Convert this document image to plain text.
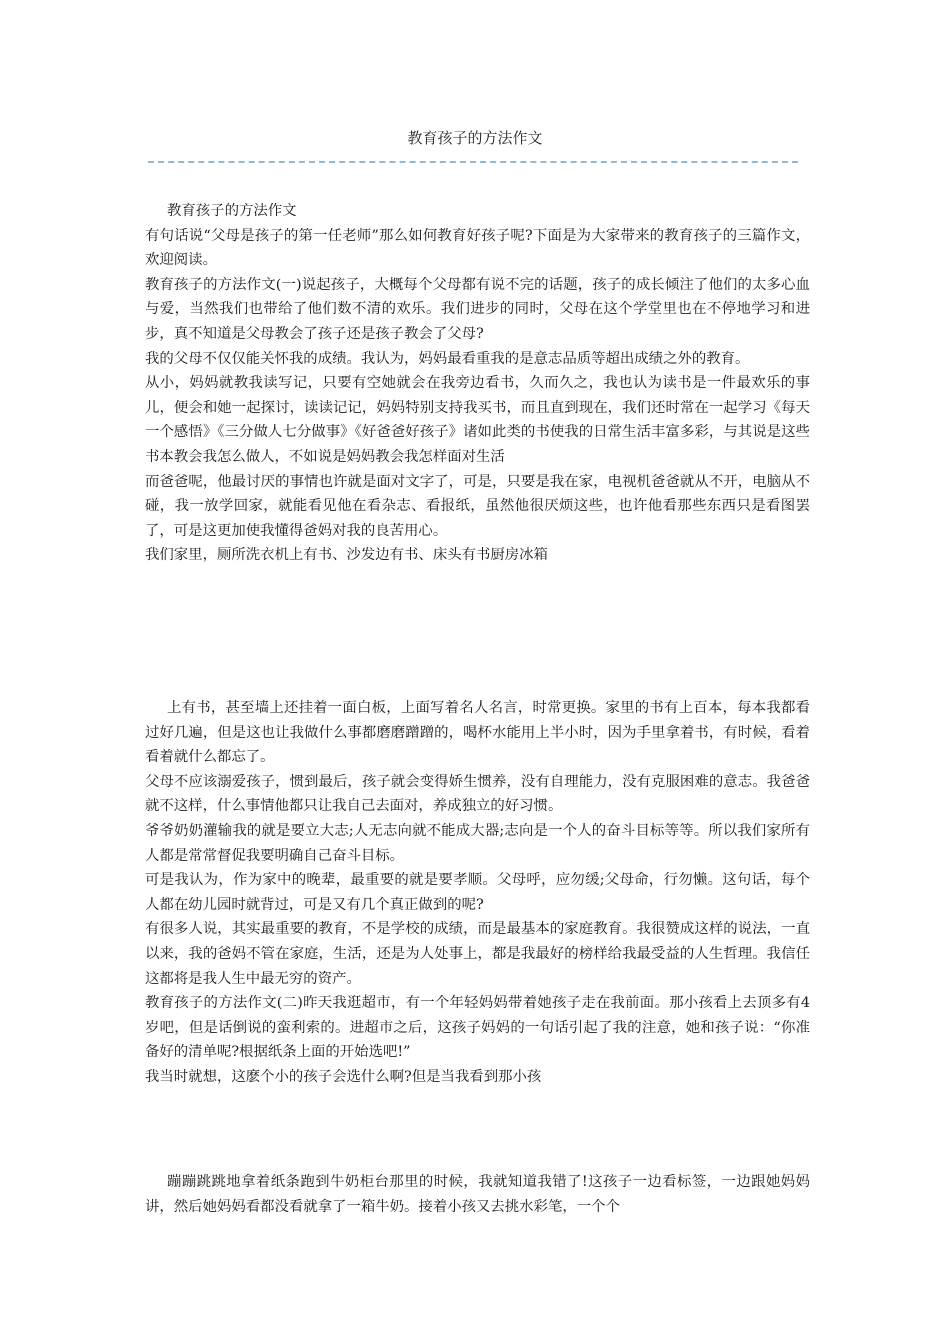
教育孩子的方法作文

教育孩子的方法作文

有句话说“父母是孩子的第一任老师”那么如何教育好孩子呢?下面是为大家带来的教育孩子的三篇作文，欢迎阅读。

教育孩子的方法作文(一)说起孩子，大概每个父母都有说不完的话题，孩子的成长倾注了他们的太多心血与爱，当然我们也带给了他们数不清的欢乐。我们进步的同时，父母在这个学堂里也在不停地学习和进步，真不知道是父母教会了孩子还是孩子教会了父母?

我的父母不仅仅能关怀我的成绩。我认为，妈妈最看重我的是意志品质等超出成绩之外的教育。

从小，妈妈就教我读写记，只要有空她就会在我旁边看书，久而久之，我也认为读书是一件最欢乐的事儿，便会和她一起探讨，读读记记，妈妈特别支持我买书，而且直到现在，我们还时常在一起学习《每天一个感悟》《三分做人七分做事》《好爸爸好孩子》诸如此类的书使我的日常生活丰富多彩，与其说是这些书本教会我怎么做人，不如说是妈妈教会我怎样面对生活

而爸爸呢，他最讨厌的事情也许就是面对文字了，可是，只要是我在家，电视机爸爸就从不开，电脑从不碰，我一放学回家，就能看见他在看杂志、看报纸，虽然他很厌烦这些，也许他看那些东西只是看图罢了，可是这更加使我懂得爸妈对我的良苦用心。

我们家里，厕所洗衣机上有书、沙发边有书、床头有书厨房冰箱

上有书，甚至墙上还挂着一面白板，上面写着名人名言，时常更换。家里的书有上百本，每本我都看过好几遍，但是这也让我做什么事都磨磨蹭蹭的，喝杯水能用上半小时，因为手里拿着书，有时候，看着看着就什么都忘了。

父母不应该溺爱孩子，惯到最后，孩子就会变得娇生惯养，没有自理能力，没有克服困难的意志。我爸爸就不这样，什么事情他都只让我自己去面对，养成独立的好习惯。

爷爷奶奶灌输我的就是要立大志;人无志向就不能成大器;志向是一个人的奋斗目标等等。所以我们家所有人都是常常督促我要明确自己奋斗目标。

可是我认为，作为家中的晚辈，最重要的就是要孝顺。父母呼，应勿缓;父母命，行勿懒。这句话，每个人都在幼儿园时就背过，可是又有几个真正做到的呢?

有很多人说，其实最重要的教育，不是学校的成绩，而是最基本的家庭教育。我很赞成这样的说法，一直以来，我的爸妈不管在家庭，生活，还是为人处事上，都是我最好的榜样给我最受益的人生哲理。我信任这都将是我人生中最无穷的资产。

教育孩子的方法作文(二)昨天我逛超市，有一个年轻妈妈带着她孩子走在我前面。那小孩看上去顶多有4岁吧，但是话倒说的蛮利索的。进超市之后，这孩子妈妈的一句话引起了我的注意，她和孩子说：“你准备好的清单呢?根据纸条上面的开始选吧!”

我当时就想，这麽个小的孩子会选什么啊?但是当我看到那小孩

蹦蹦跳跳地拿着纸条跑到牛奶柜台那里的时候，我就知道我错了!这孩子一边看标签，一边跟她妈妈讲，然后她妈妈看都没看就拿了一箱牛奶。接着小孩又去挑水彩笔，一个个
